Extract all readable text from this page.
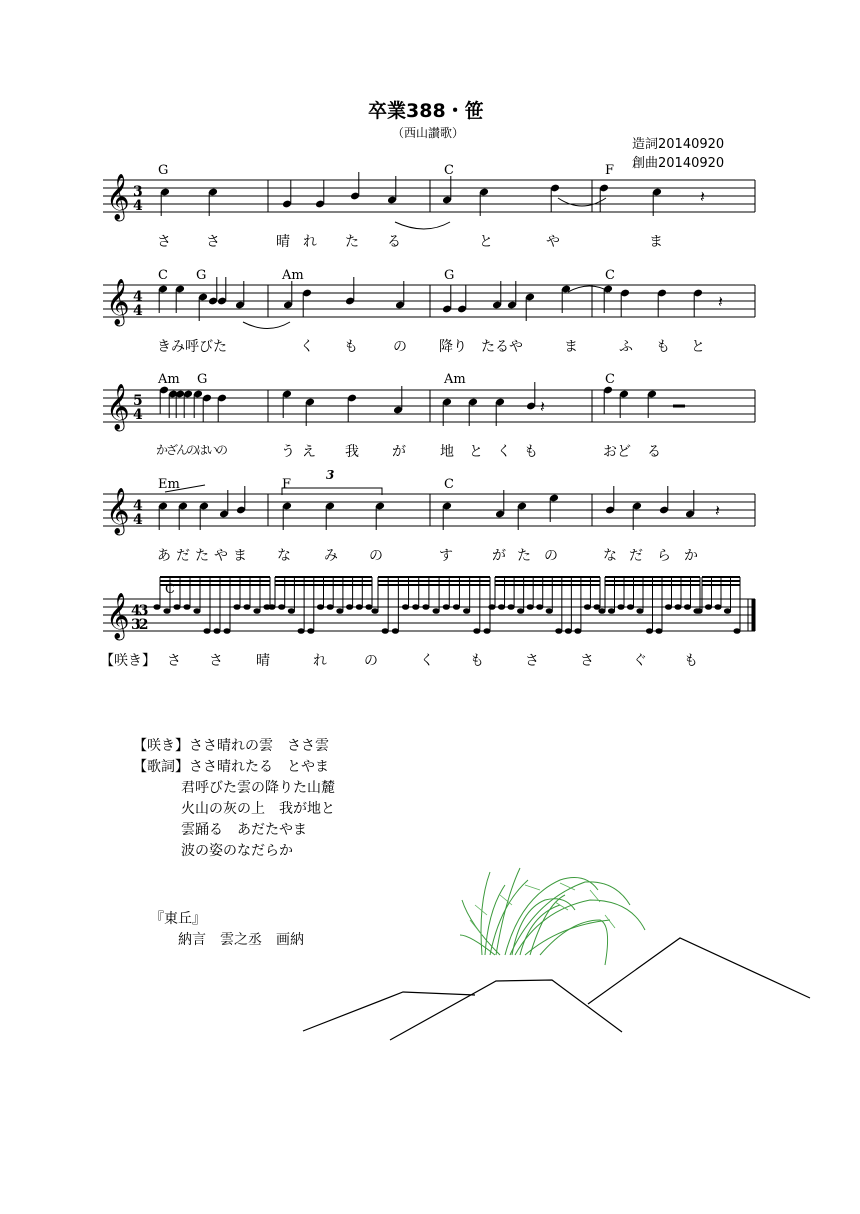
卒業388・笹
（西山讃歌）
造詞20140920
創曲20140920
𝄞
𝄞
𝄞
𝄞
𝄞
𝄽
𝄽
𝄽
𝄽
G	C	F
C G	Am	G	C
Am G	Am	C
Em	F	C
3
C
3
4
4
4
5
4
4
4
43
32
さ	さ	晴 れ た る	と	や	ま
きみ呼びた	く も	の 降り たるや	ま	ふ も と
かざんのはいの	う え 我 が 地 と く も	おど る
あ だ た や ま な み の	す	が た の	な だ ら か
【咲き】 さ さ 晴	れ	の	く	も	さ	さ	ぐ	も
【咲き】ささ晴れの雲　ささ雲
【歌詞】ささ晴れたる　とやま
君呼びた雲の降りた山麓
火山の灰の上　我が地と
雲踊る　あだたやま
波の姿のなだらか
『東丘』
納言　雲之丞　画納
